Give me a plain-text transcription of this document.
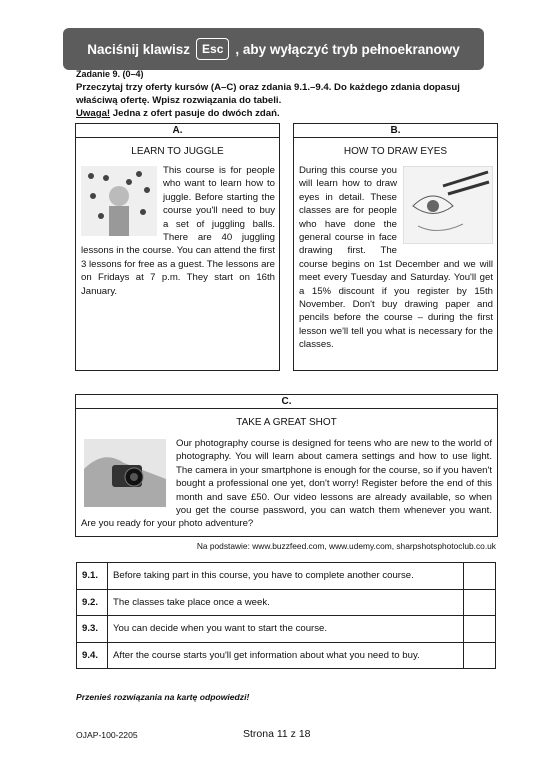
Naciśnij klawisz	Esc , aby wyłączyć tryb pełnoekranowy
Zadanie 9. (0–4)
Przeczytaj trzy oferty kursów (A–C) oraz zdania 9.1.–9.4. Do każdego zdania dopasuj
właściwą ofertę. Wpisz rozwiązania do tabeli.
Uwaga! Jedna z ofert pasuje do dwóch zdań.
A.
LEARN TO JUGGLE
This course is for people who want to learn how to juggle. Before starting the course you'll need to buy a set of juggling balls. There are 40 juggling lessons in the course. You can attend the first 3 lessons for free as a guest. The lessons are on Fridays at 7 p.m. They start on 16th January.
B.
HOW TO DRAW EYES
During this course you will learn how to draw eyes in detail. These classes are for people who have done the general course in face drawing first. The course begins on 1st December and we will meet every Tuesday and Saturday. You'll get a 15% discount if you register by 15th November. Don't buy drawing paper and pencils before the course – during the first lesson we'll tell you what is necessary for the classes.
C.
TAKE A GREAT SHOT
Our photography course is designed for teens who are new to the world of photography. You will learn about camera settings and how to use light. The camera in your smartphone is enough for the course, so if you haven't bought a professional one yet, don't worry! Register before the end of this month and save £50. Our video lessons are already available, so when you get the course password, you can watch them whenever you want. Are you ready for your photo adventure?
Na podstawie: www.buzzfeed.com, www.udemy.com, sharpshotsphotoclub.co.uk
9.1.	Before taking part in this course, you have to complete another course.	
9.2.	The classes take place once a week.	
9.3.	You can decide when you want to start the course.	
9.4.	After the course starts you'll get information about what you need to buy.	
Przenieś rozwiązania na kartę odpowiedzi!
OJAP-100-2205	Strona 11 z 18
